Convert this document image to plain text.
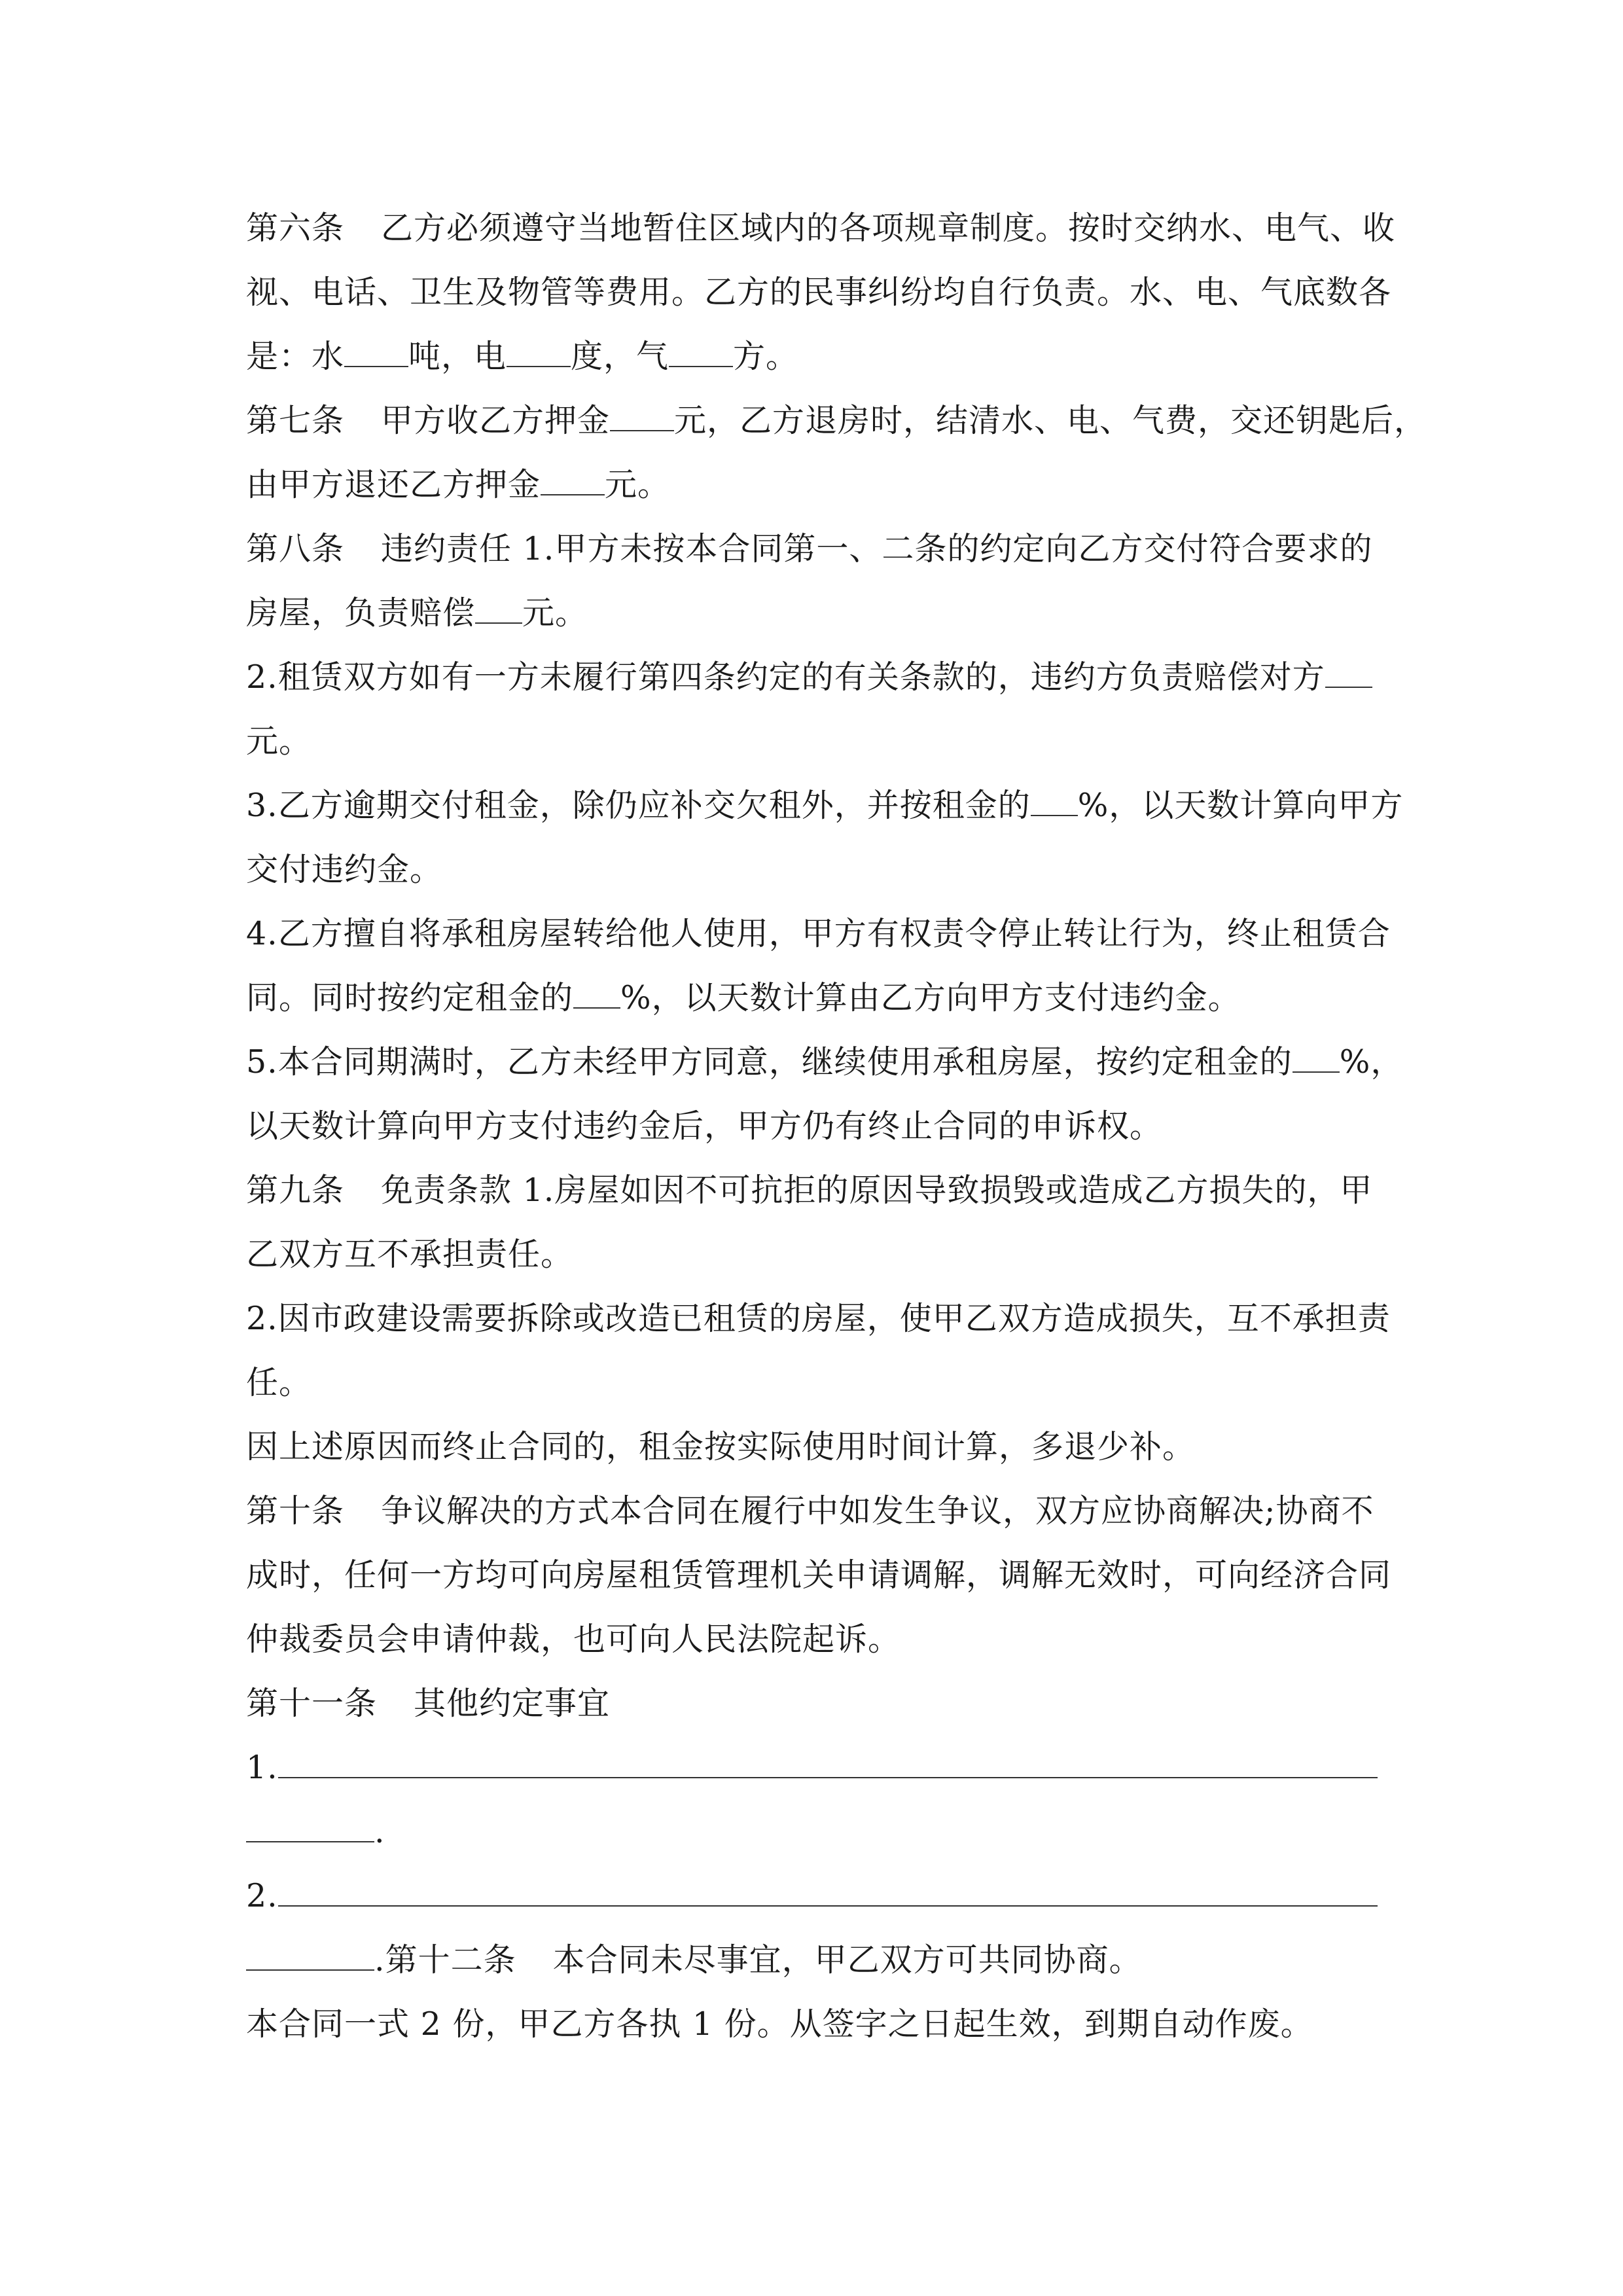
第六条 乙方必须遵守当地暂住区域内的各项规章制度。按时交纳水、电气、收
视、电话、卫生及物管等费用。乙方的民事纠纷均自行负责。水、电、气底数各
是：水 吨，电 度，气 方。
第七条 甲方收乙方押金 元，乙方退房时，结清水、电、气费，交还钥匙后，
由甲方退还乙方押金 元。
第八条 违约责任 1.甲方未按本合同第一、二条的约定向乙方交付符合要求的
房屋，负责赔偿 元。
2.租赁双方如有一方未履行第四条约定的有关条款的，违约方负责赔偿对方
元。
3.乙方逾期交付租金，除仍应补交欠租外，并按租金的 %，以天数计算向甲方
交付违约金。
4.乙方擅自将承租房屋转给他人使用，甲方有权责令停止转让行为，终止租赁合
同。同时按约定租金的 %，以天数计算由乙方向甲方支付违约金。
5.本合同期满时，乙方未经甲方同意，继续使用承租房屋，按约定租金的 %，
以天数计算向甲方支付违约金后，甲方仍有终止合同的申诉权。
第九条 免责条款 1.房屋如因不可抗拒的原因导致损毁或造成乙方损失的，甲
乙双方互不承担责任。
2.因市政建设需要拆除或改造已租赁的房屋，使甲乙双方造成损失，互不承担责
任。
因上述原因而终止合同的，租金按实际使用时间计算，多退少补。
第十条 争议解决的方式本合同在履行中如发生争议，双方应协商解决;协商不
成时，任何一方均可向房屋租赁管理机关申请调解，调解无效时，可向经济合同
仲裁委员会申请仲裁，也可向人民法院起诉。
第十一条 其他约定事宜
1.
.
2.
.第十二条 本合同未尽事宜，甲乙双方可共同协商。
本合同一式 2 份，甲乙方各执 1 份。从签字之日起生效，到期自动作废。
